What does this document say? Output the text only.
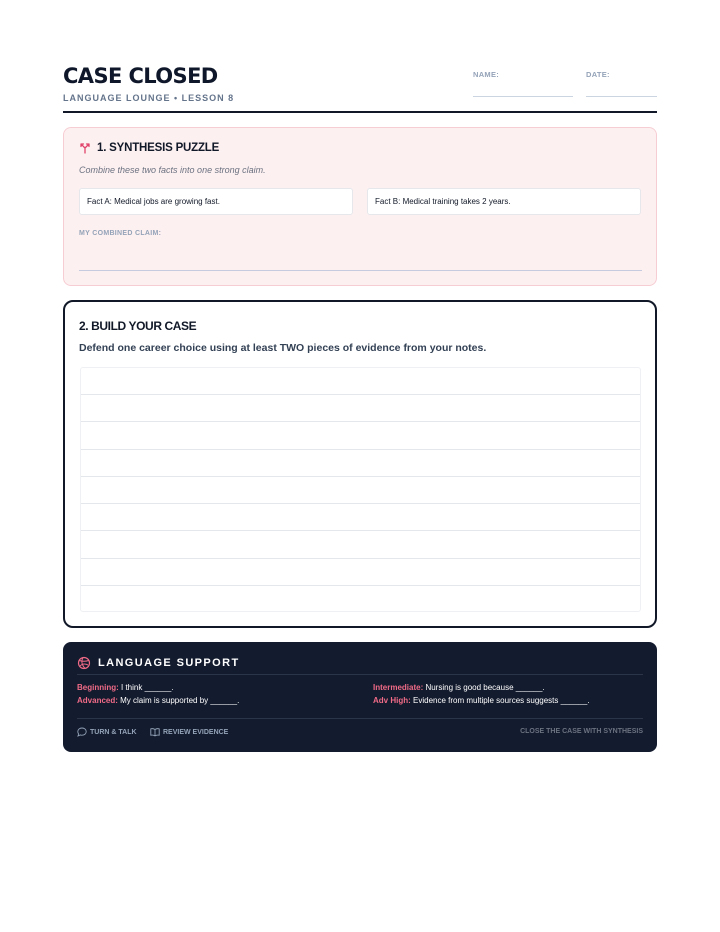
CASE CLOSED
LANGUAGE LOUNGE • LESSON 8
NAME:	DATE:
1. SYNTHESIS PUZZLE
Combine these two facts into one strong claim.
Fact A: Medical jobs are growing fast.	Fact B: Medical training takes 2 years.
MY COMBINED CLAIM:
2. BUILD YOUR CASE
Defend one career choice using at least TWO pieces of evidence from your notes.
LANGUAGE SUPPORT
Beginning: I think ______.
Advanced: My claim is supported by ______.
Intermediate: Nursing is good because ______.
Adv High: Evidence from multiple sources suggests ______.
TURN & TALK	REVIEW EVIDENCE	CLOSE THE CASE WITH SYNTHESIS
